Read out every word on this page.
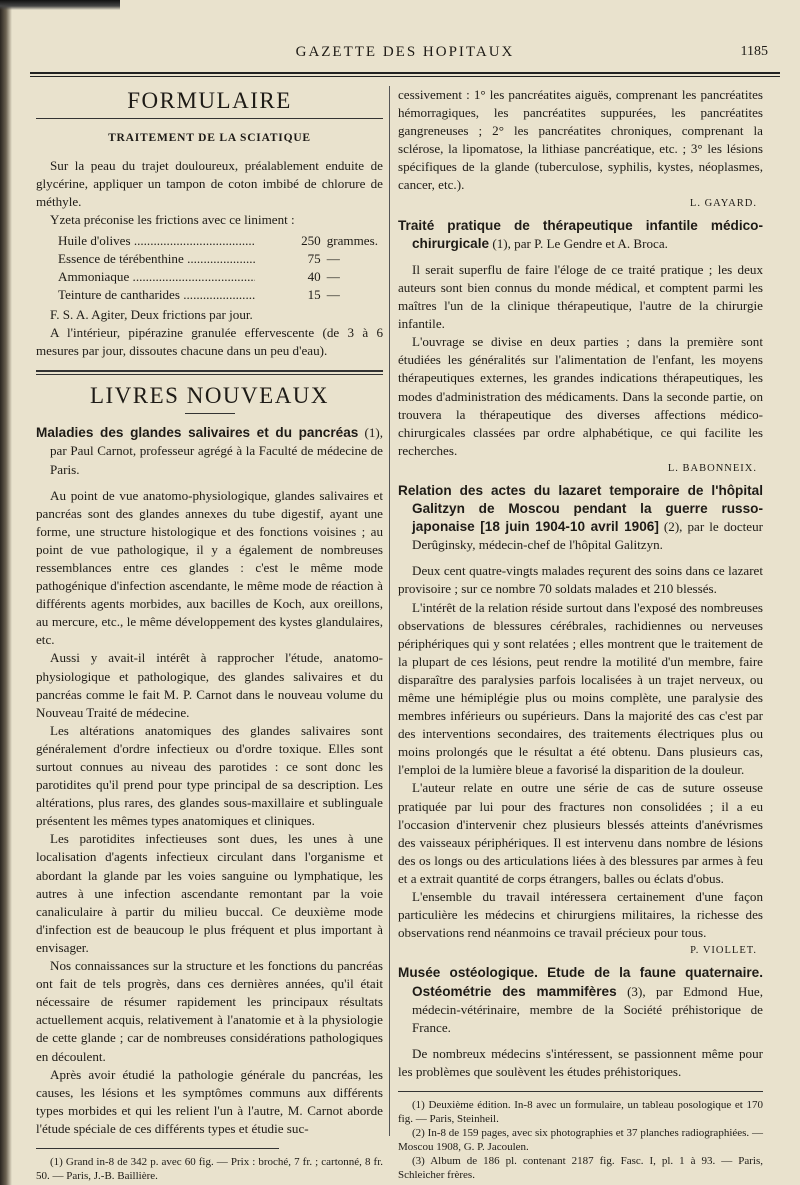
GAZETTE DES HOPITAUX	1185
FORMULAIRE
TRAITEMENT DE LA SCIATIQUE

Sur la peau du trajet douloureux, préalablement enduite de glycérine, appliquer un tampon de coton imbibé de chlorure de méthyle.

Yzeta préconise les frictions avec ce liniment :

Huile d'olives .....	250 grammes.
Essence de térébenthine .....	75 —
Ammoniaque .....	40 —
Teinture de cantharides .....	15 —

F. S. A. Agiter, Deux frictions par jour.

A l'intérieur, pipérazine granulée effervescente (de 3 à 6 mesures par jour, dissoutes chacune dans un peu d'eau).

LIVRES NOUVEAUX

Maladies des glandes salivaires et du pancréas (1), par Paul Carnot, professeur agrégé à la Faculté de médecine de Paris.

Au point de vue anatomo-physiologique, glandes salivaires et pancréas sont des glandes annexes du tube digestif, ayant une forme, une structure histologique et des fonctions voisines ; au point de vue pathologique, il y a également de nombreuses ressemblances entre ces glandes : c'est le même mode pathogénique d'infection ascendante, le même mode de réaction à différents agents morbides, aux bacilles de Koch, aux oreillons, au mercure, etc., le même développement des kystes glandulaires, etc.

Aussi y avait-il intérêt à rapprocher l'étude, anatomo-physiologique et pathologique, des glandes salivaires et du pancréas comme le fait M. P. Carnot dans le nouveau volume du Nouveau Traité de médecine.

Les altérations anatomiques des glandes salivaires sont généralement d'ordre infectieux ou d'ordre toxique. Elles sont surtout connues au niveau des parotides : ce sont donc les parotidites qu'il prend pour type principal de sa description. Les altérations, plus rares, des glandes sous-maxillaire et sublinguale présentent les mêmes types anatomiques et cliniques.

Les parotidites infectieuses sont dues, les unes à une localisation d'agents infectieux circulant dans l'organisme et abordant la glande par les voies sanguine ou lymphatique, les autres à une infection ascendante remontant par la voie canaliculaire à partir du milieu buccal. Ce deuxième mode d'infection est de beaucoup le plus fréquent et plus important à envisager.

Nos connaissances sur la structure et les fonctions du pancréas ont fait de tels progrès, dans ces dernières années, qu'il était nécessaire de résumer rapidement les principaux résultats actuellement acquis, relativement à l'anatomie et à la physiologie de cette glande ; car de nombreuses considérations pathologiques en découlent.

Après avoir étudié la pathologie générale du pancréas, les causes, les lésions et les symptômes communs aux différents types morbides et qui les relient l'un à l'autre, M. Carnot aborde l'étude spéciale de ces différents types et étudie suc-

(1) Grand in-8 de 342 p. avec 60 fig. — Prix : broché, 7 fr. ; cartonné, 8 fr. 50. — Paris, J.-B. Baillière.

cessivement : 1° les pancréatites aiguës, comprenant les pancréatites hémorragiques, les pancréatites suppurées, les pancréatites gangreneuses ; 2° les pancréatites chroniques, comprenant la sclérose, la lipomatose, la lithiase pancréatique, etc. ; 3° les lésions spécifiques de la glande (tuberculose, syphilis, kystes, néoplasmes, cancer, etc.).

L. GAYARD.

Traité pratique de thérapeutique infantile médico-chirurgicale (1), par P. Le Gendre et A. Broca.

Il serait superflu de faire l'éloge de ce traité pratique ; les deux auteurs sont bien connus du monde médical, et comptent parmi les maîtres l'un de la clinique thérapeutique, l'autre de la chirurgie infantile.

L'ouvrage se divise en deux parties ; dans la première sont étudiées les généralités sur l'alimentation de l'enfant, les moyens thérapeutiques externes, les grandes indications thérapeutiques, les modes d'administration des médicaments. Dans la seconde partie, on trouvera la thérapeutique des diverses affections médico-chirurgicales classées par ordre alphabétique, ce qui facilite les recherches.

L. BABONNEIX.

Relation des actes du lazaret temporaire de l'hôpital Galitzyn de Moscou pendant la guerre russo-japonaise [18 juin 1904-10 avril 1906] (2), par le docteur Derûginsky, médecin-chef de l'hôpital Galitzyn.

Deux cent quatre-vingts malades reçurent des soins dans ce lazaret provisoire ; sur ce nombre 70 soldats malades et 210 blessés.

L'intérêt de la relation réside surtout dans l'exposé des nombreuses observations de blessures cérébrales, rachidiennes ou nerveuses périphériques qui y sont relatées ; elles montrent que le traitement de la plupart de ces lésions, peut rendre la motilité d'un membre, faire disparaître des paralysies parfois localisées à un trajet nerveux, ou même une hémiplégie plus ou moins complète, une paralysie des membres inférieurs ou supérieurs. Dans la majorité des cas c'est par des interventions secondaires, des traitements électriques plus ou moins prolongés que le résultat a été obtenu. Dans plusieurs cas, l'emploi de la lumière bleue a favorisé la disparition de la douleur.

L'auteur relate en outre une série de cas de suture osseuse pratiquée par lui pour des fractures non consolidées ; il a eu l'occasion d'intervenir chez plusieurs blessés atteints d'anévrismes des vaisseaux périphériques. Il est intervenu dans nombre de lésions des os longs ou des articulations liées à des blessures par armes à feu et a extrait quantité de corps étrangers, balles ou éclats d'obus.

L'ensemble du travail intéressera certainement d'une façon particulière les médecins et chirurgiens militaires, la richesse des observations rend néanmoins ce travail précieux pour tous.

P. VIOLLET.

Musée ostéologique. Etude de la faune quaternaire. Ostéométrie des mammifères (3), par Edmond Hue, médecin-vétérinaire, membre de la Société préhistorique de France.

De nombreux médecins s'intéressent, se passionnent même pour les problèmes que soulèvent les études préhistoriques.

(1) Deuxième édition. In-8 avec un formulaire, un tableau posologique et 170 fig. — Paris, Steinheil.

(2) In-8 de 159 pages, avec six photographies et 37 planches radiographiées. — Moscou 1908, G. P. Jacoulen.

(3) Album de 186 pl. contenant 2187 fig. Fasc. I, pl. 1 à 93. — Paris, Schleicher frères.
